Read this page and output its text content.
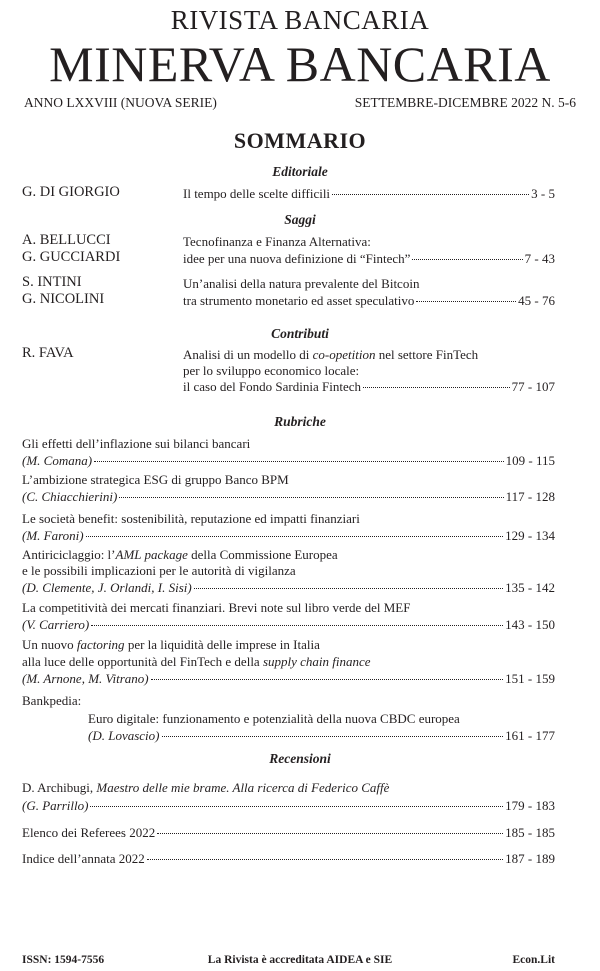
RIVISTA BANCARIA
MINERVA BANCARIA
ANNO LXXVIII (NUOVA SERIE)	SETTEMBRE-DICEMBRE 2022 N. 5-6
SOMMARIO
Editoriale
G. DI GIORGIO	Il tempo delle scelte difficili	3 - 5
Saggi
A. BELLUCCI
G. GUCCIARDI
Tecnofinanza e Finanza Alternativa:
idee per una nuova definizione di “Fintech”	7 - 43
S. INTINI
G. NICOLINI
Un’analisi della natura prevalente del Bitcoin
tra strumento monetario ed asset speculativo	45 - 76
Contributi
R. FAVA	Analisi di un modello di co-opetition nel settore FinTech
per lo sviluppo economico locale:
il caso del Fondo Sardinia Fintech	77 - 107
Rubriche
Gli effetti dell’inflazione sui bilanci bancari
(M. Comana)	109 - 115
L’ambizione strategica ESG di gruppo Banco BPM
(C. Chiacchierini)	117 - 128
Le società benefit: sostenibilità, reputazione ed impatti finanziari
(M. Faroni)	129 - 134
Antiriciclaggio: l’AML package della Commissione Europea
e le possibili implicazioni per le autorità di vigilanza
(D. Clemente, J. Orlandi, I. Sisi)	135 - 142
La competitività dei mercati finanziari. Brevi note sul libro verde del MEF
(V. Carriero)	143 - 150
Un nuovo factoring per la liquidità delle imprese in Italia
alla luce delle opportunità del FinTech e della supply chain finance
(M. Arnone, M. Vitrano)	151 - 159
Bankpedia:
Euro digitale: funzionamento e potenzialità della nuova CBDC europea
(D. Lovascio)	161 - 177
Recensioni
D. Archibugi, Maestro delle mie brame. Alla ricerca di Federico Caffè
(G. Parrillo)	179 - 183
Elenco dei Referees 2022	185 - 185
Indice dell’annata 2022	187 - 189
ISSN: 1594-7556	La Rivista è accreditata AIDEA e SIE	Econ.Lit
